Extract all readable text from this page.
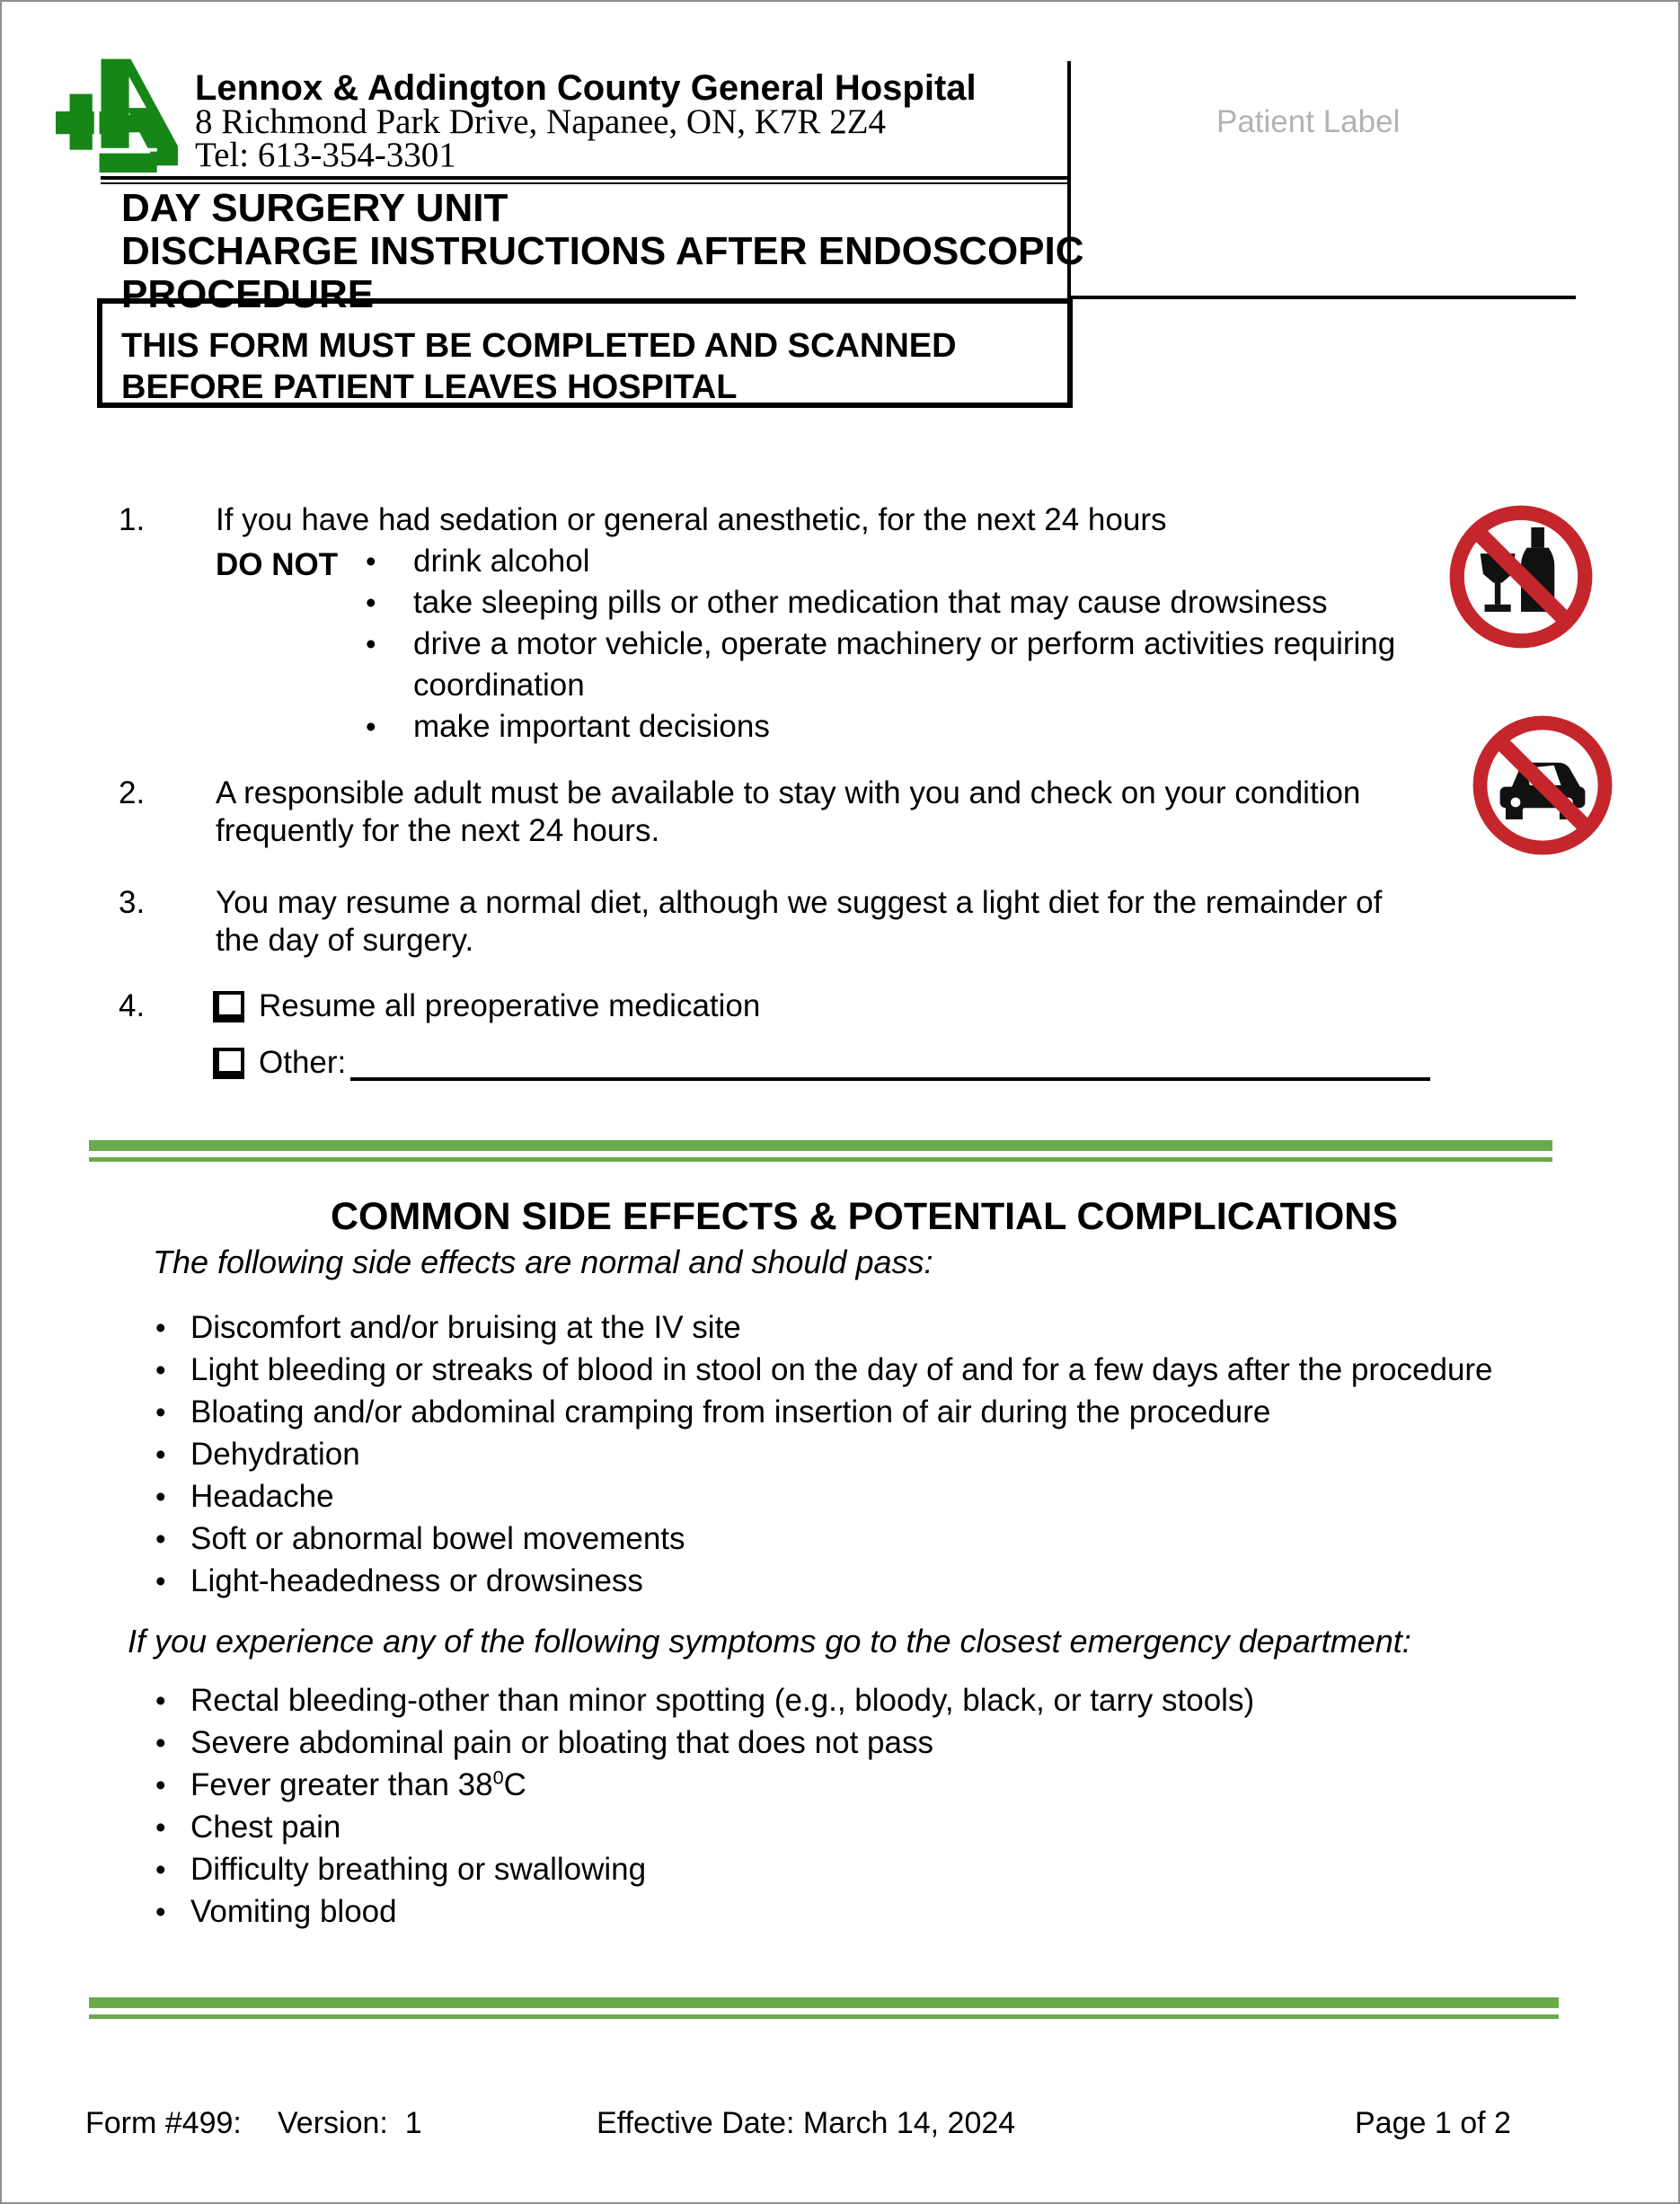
Lennox & Addington County General Hospital
8 Richmond Park Drive, Napanee, ON, K7R 2Z4
Tel: 613-354-3301
Patient Label
DAY SURGERY UNIT
DISCHARGE INSTRUCTIONS AFTER ENDOSCOPIC
PROCEDURE
THIS FORM MUST BE COMPLETED AND SCANNED
BEFORE PATIENT LEAVES HOSPITAL
1.	If you have had sedation or general anesthetic, for the next 24 hours
DO NOT •	drink alcohol
•	take sleeping pills or other medication that may cause drowsiness
•	drive a motor vehicle, operate machinery or perform activities requiring
coordination
•	make important decisions
2.	A responsible adult must be available to stay with you and check on your condition
frequently for the next 24 hours.
3.	You may resume a normal diet, although we suggest a light diet for the remainder of
the day of surgery.
4.	Resume all preoperative medication
Other:
COMMON SIDE EFFECTS & POTENTIAL COMPLICATIONS
The following side effects are normal and should pass:
• Discomfort and/or bruising at the IV site
• Light bleeding or streaks of blood in stool on the day of and for a few days after the procedure
• Bloating and/or abdominal cramping from insertion of air during the procedure
• Dehydration
• Headache
• Soft or abnormal bowel movements
• Light-headedness or drowsiness
If you experience any of the following symptoms go to the closest emergency department:
• Rectal bleeding-other than minor spotting (e.g., bloody, black, or tarry stools)
• Severe abdominal pain or bloating that does not pass
• Fever greater than $38^0C$
• Chest pain
• Difficulty breathing or swallowing
• Vomiting blood
Form #499: Version:  1	Effective Date: March 14, 2024	Page 1 of 2
